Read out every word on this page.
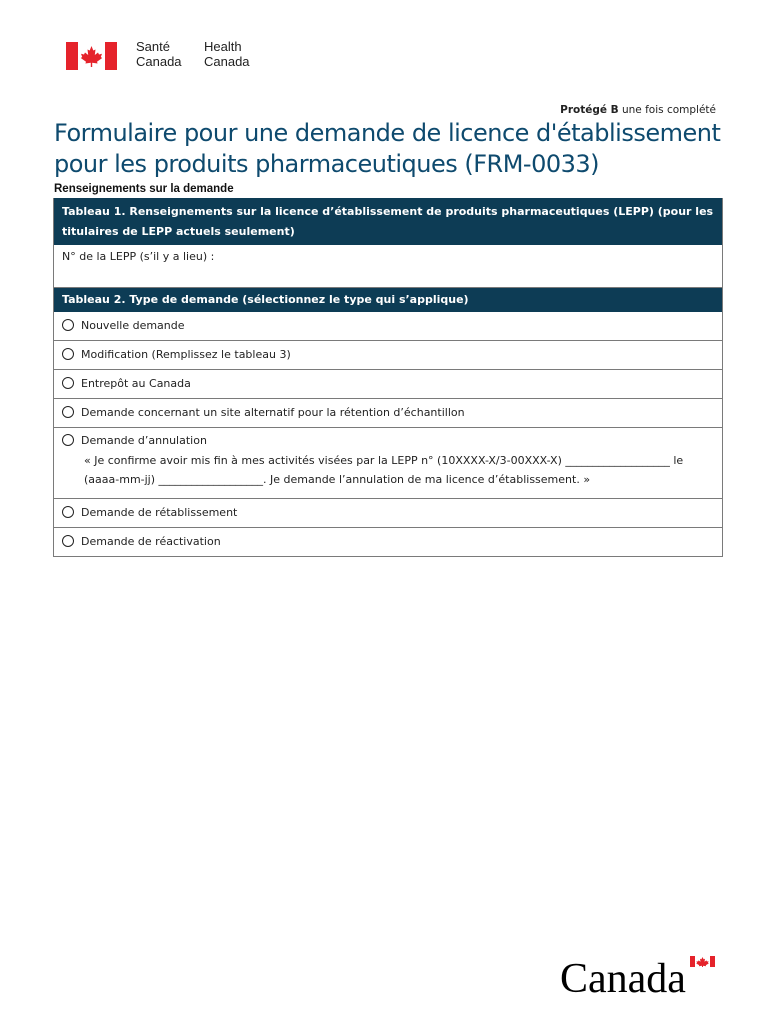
Santé
Canada
Health
Canada
Protégé B une fois complété
Formulaire pour une demande de licence d'établissement pour les produits pharmaceutiques (FRM-0033)
Renseignements sur la demande
Tableau 1. Renseignements sur la licence d’établissement de produits pharmaceutiques (LEPP) (pour les titulaires de LEPP actuels seulement)
N° de la LEPP (s’il y a lieu) :
Tableau 2. Type de demande (sélectionnez le type qui s’applique)
Nouvelle demande
Modification (Remplissez le tableau 3)
Entrepôt au Canada
Demande concernant un site alternatif pour la rétention d’échantillon
Demande d’annulation
« Je confirme avoir mis fin à mes activités visées par la LEPP n° (10XXXX-X/3-00XXX-X) ___________________ le
(aaaa-mm-jj) ___________________. Je demande l’annulation de ma licence d’établissement. »
Demande de rétablissement
Demande de réactivation
Canada
